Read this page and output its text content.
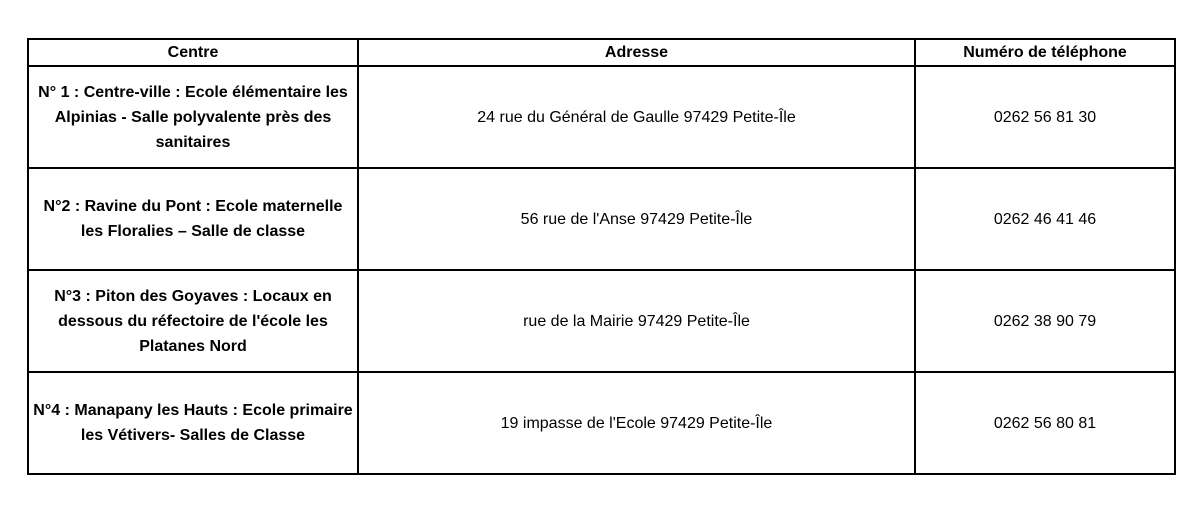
Centre	Adresse	Numéro de téléphone
N° 1 : Centre-ville : Ecole élémentaire les Alpinias - Salle polyvalente près des sanitaires	24 rue du Général de Gaulle 97429 Petite-Île	0262 56 81 30
N°2 : Ravine du Pont : Ecole maternelle les Floralies – Salle de classe	56 rue de l'Anse 97429 Petite-Île	0262 46 41 46
N°3 : Piton des Goyaves : Locaux en dessous du réfectoire de l'école les Platanes Nord	rue de la Mairie 97429 Petite-Île	0262 38 90 79
N°4 : Manapany les Hauts : Ecole primaire les Vétivers- Salles de Classe	19 impasse de l'Ecole 97429 Petite-Île	0262 56 80 81
